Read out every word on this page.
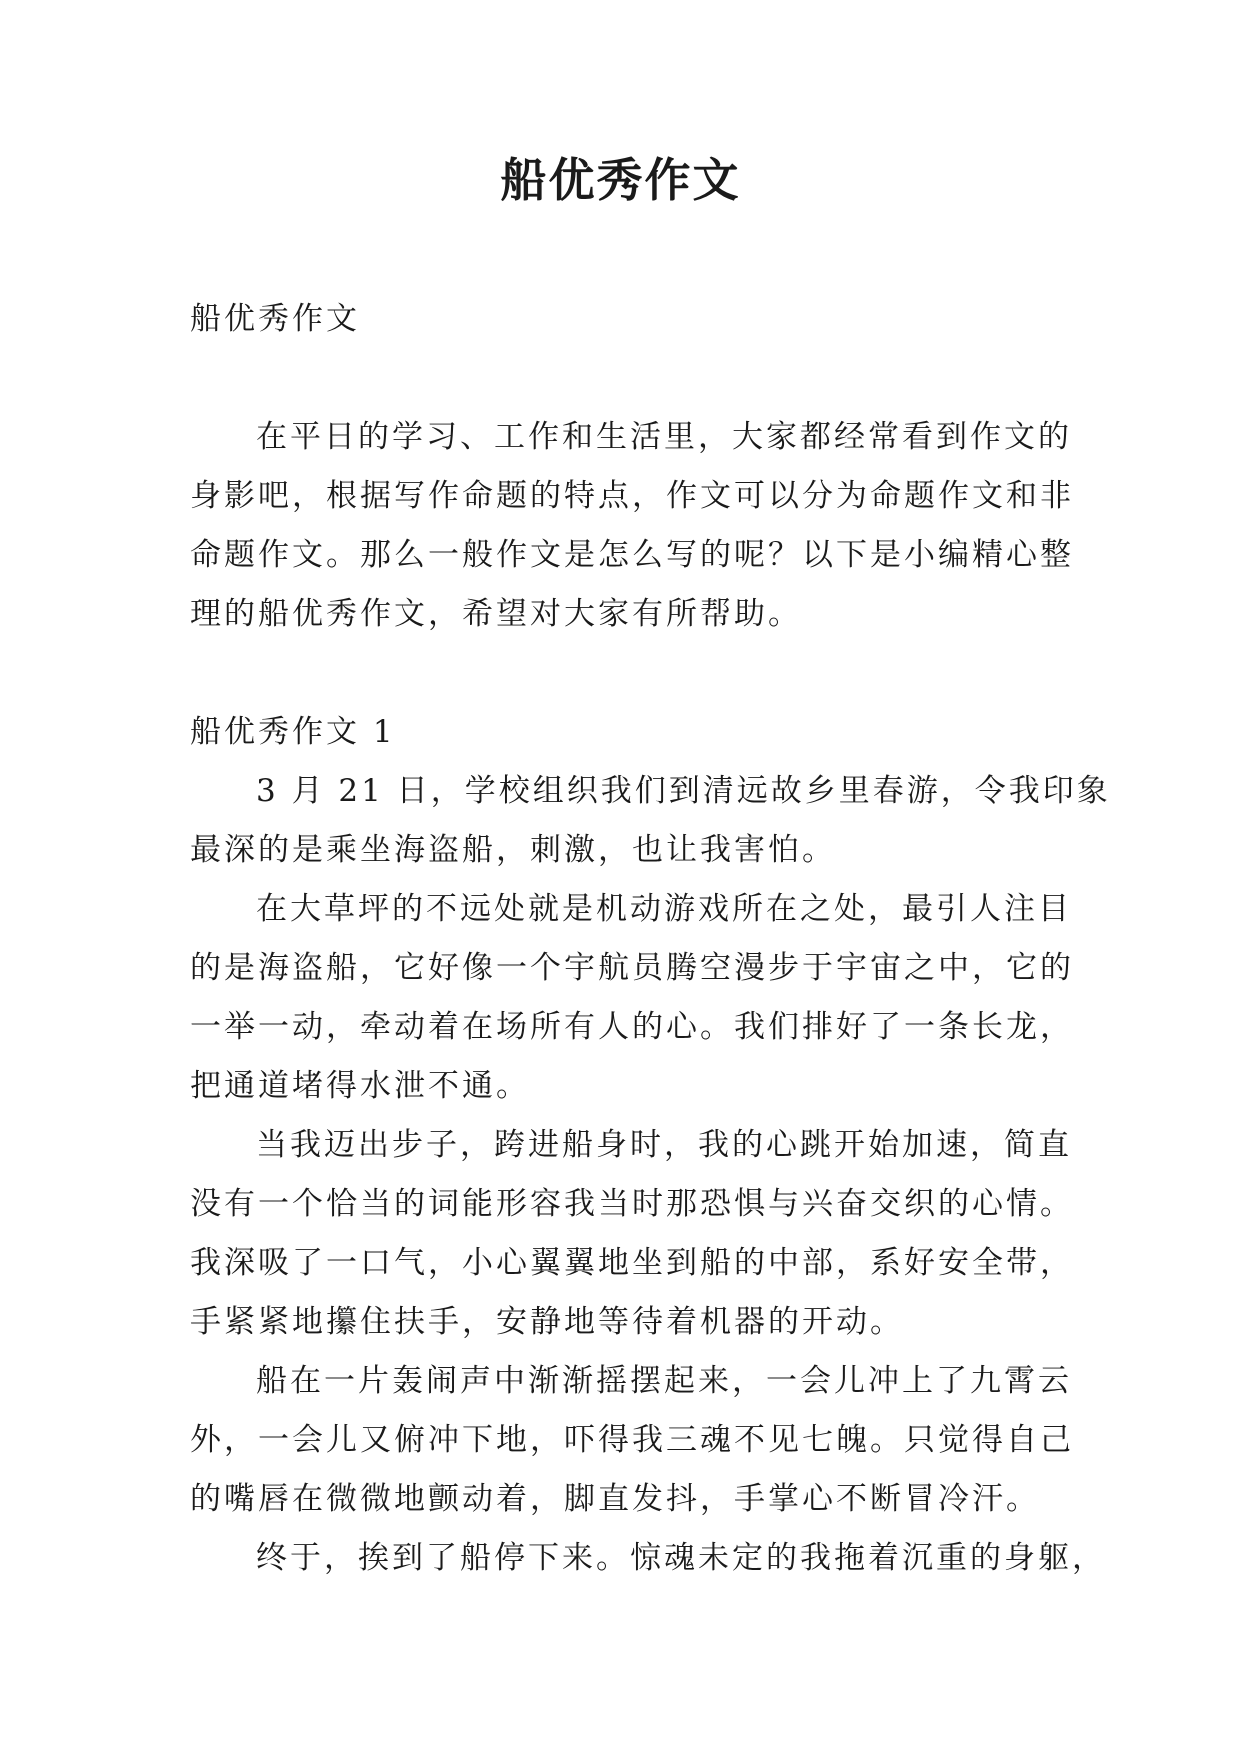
船优秀作文

船优秀作文

在平日的学习、工作和生活里，大家都经常看到作文的

身影吧，根据写作命题的特点，作文可以分为命题作文和非

命题作文。那么一般作文是怎么写的呢？以下是小编精心整

理的船优秀作文，希望对大家有所帮助。

船优秀作文 1

3 月 21 日，学校组织我们到清远故乡里春游，令我印象

最深的是乘坐海盗船，刺激，也让我害怕。

在大草坪的不远处就是机动游戏所在之处，最引人注目

的是海盗船，它好像一个宇航员腾空漫步于宇宙之中，它的

一举一动，牵动着在场所有人的心。我们排好了一条长龙，

把通道堵得水泄不通。

当我迈出步子，跨进船身时，我的心跳开始加速，简直

没有一个恰当的词能形容我当时那恐惧与兴奋交织的心情。

我深吸了一口气，小心翼翼地坐到船的中部，系好安全带，

手紧紧地攥住扶手，安静地等待着机器的开动。

船在一片轰闹声中渐渐摇摆起来，一会儿冲上了九霄云

外，一会儿又俯冲下地，吓得我三魂不见七魄。只觉得自己

的嘴唇在微微地颤动着，脚直发抖，手掌心不断冒冷汗。

终于，挨到了船停下来。惊魂未定的我拖着沉重的身躯，
